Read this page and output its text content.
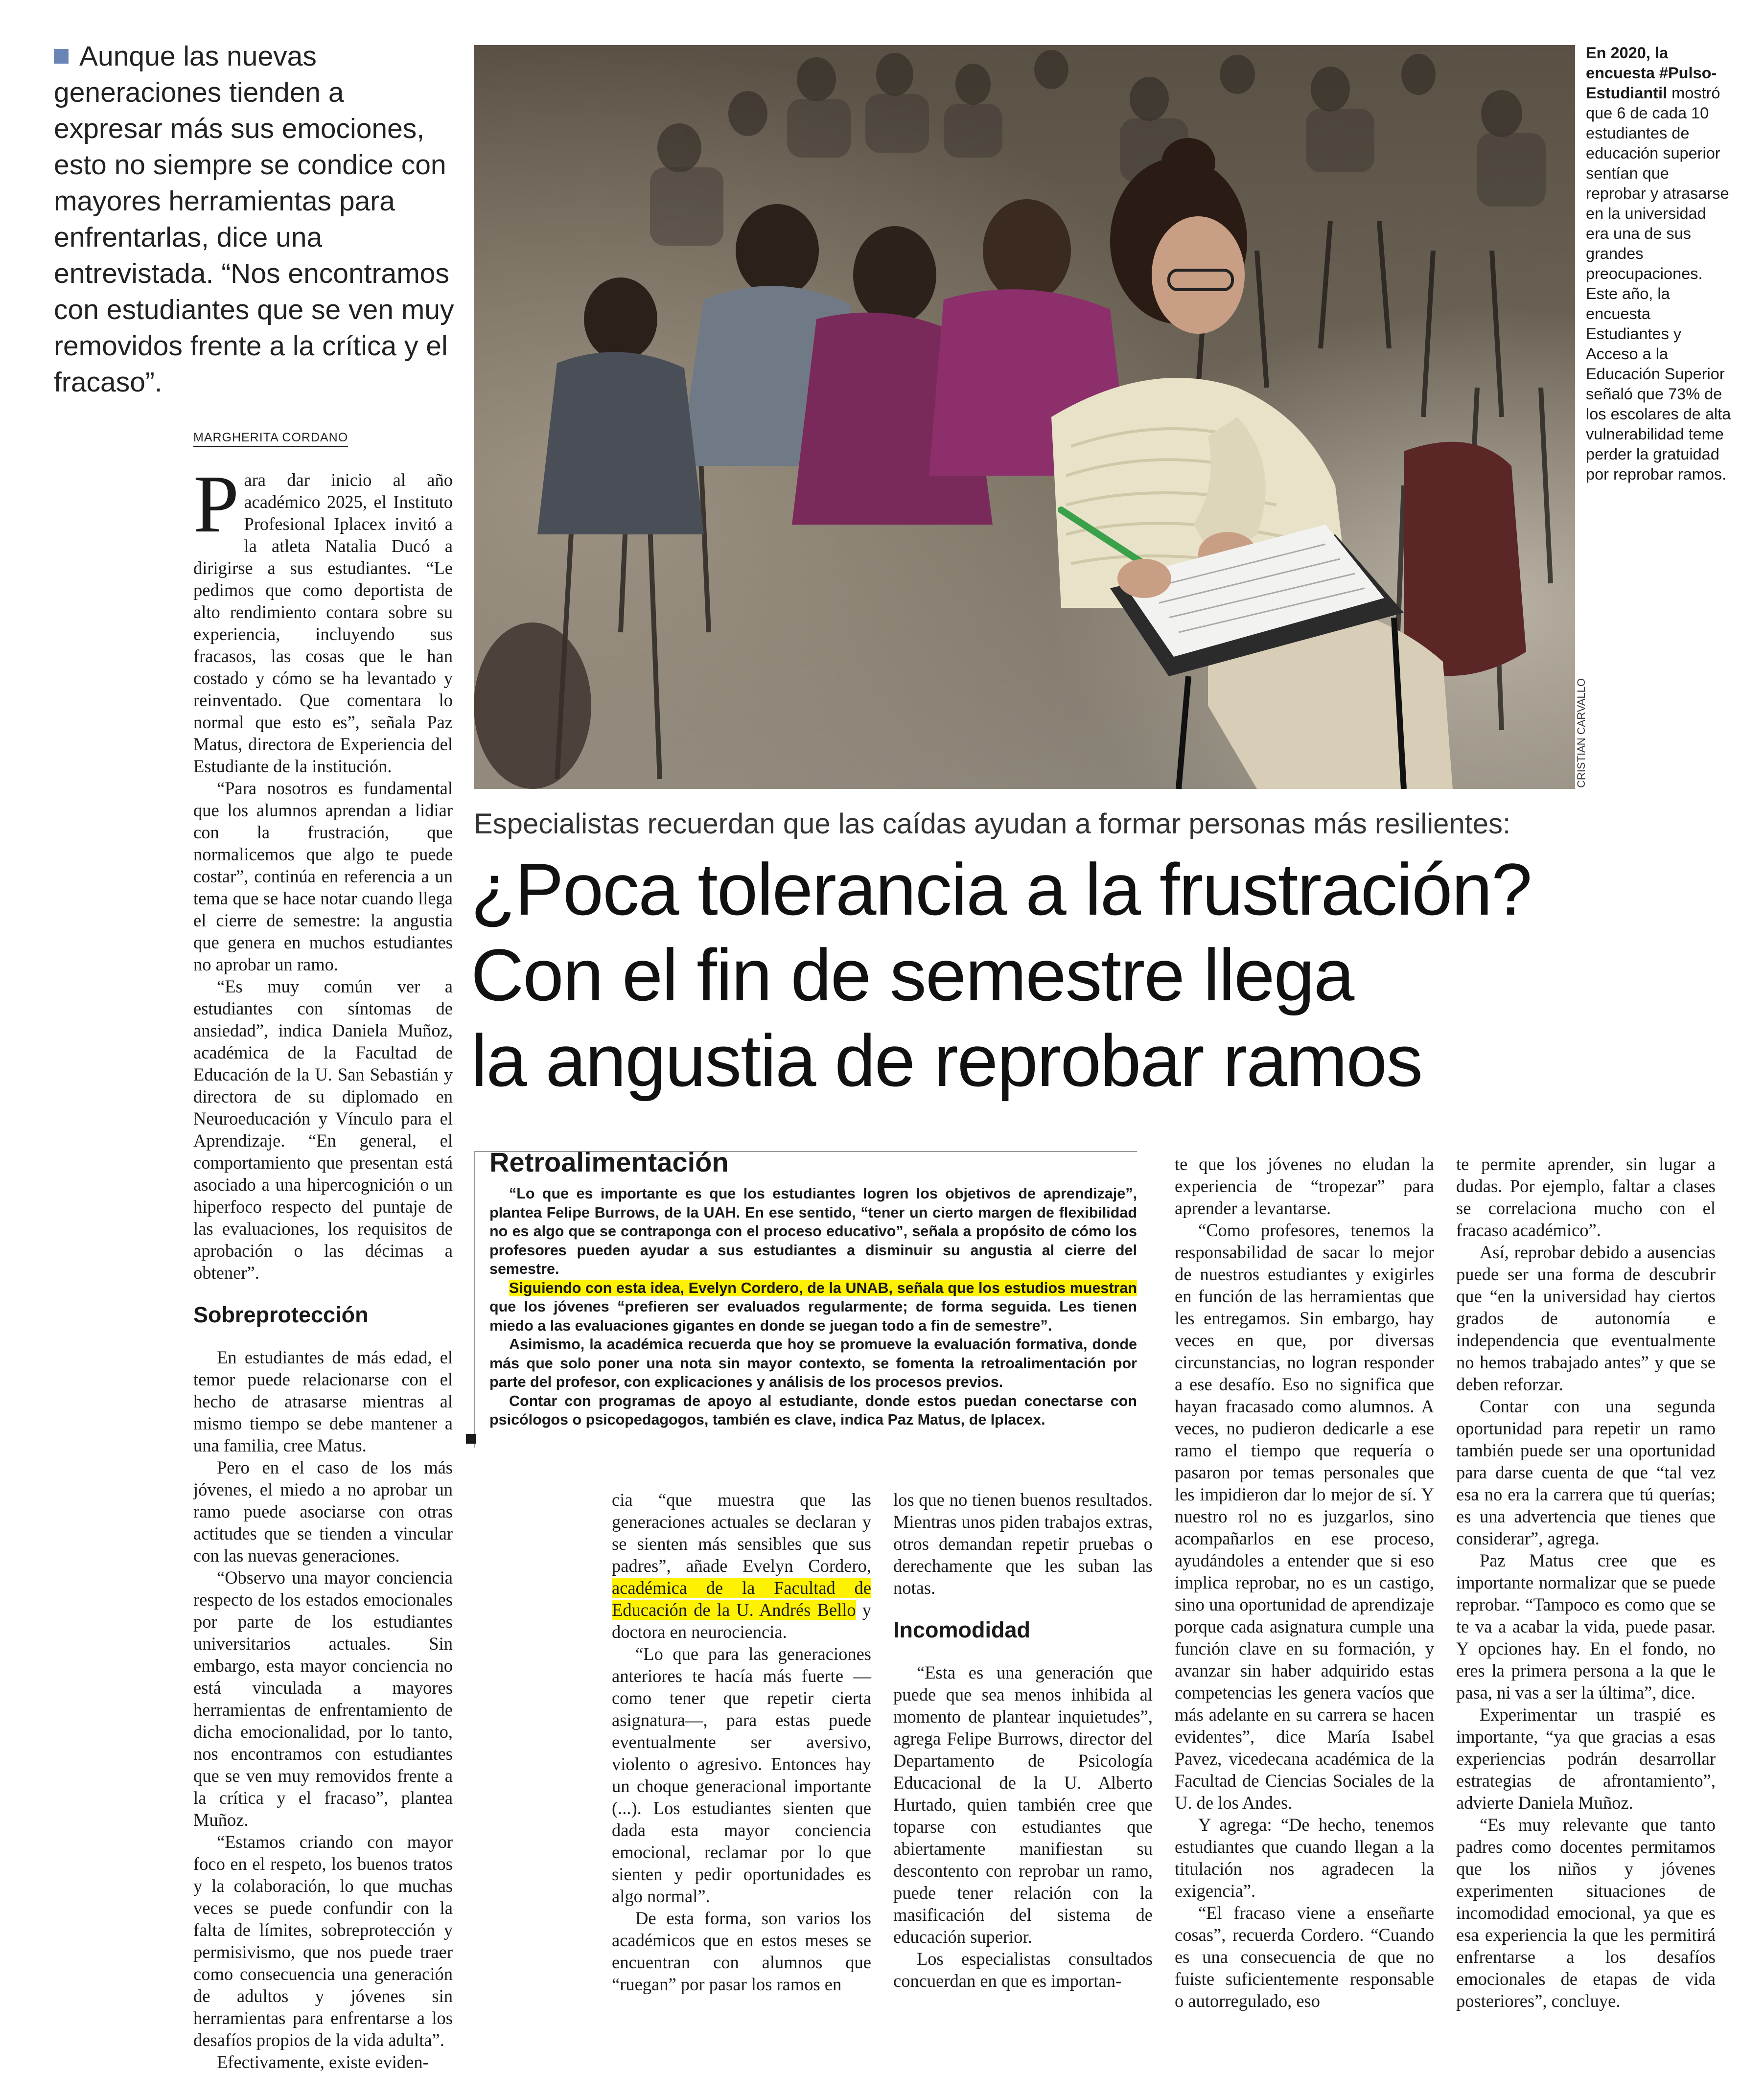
Aunque las nuevas generaciones tienden a expresar más sus emociones, esto no siempre se condice con mayores herramientas para enfrentarlas, dice una entrevistada. “Nos encontramos con estudiantes que se ven muy removidos frente a la crítica y el fracaso”.
MARGHERITA CORDANO
CRISTIAN CARVALLO
En 2020, la encuesta #Pulso-Estudiantil mostró que 6 de cada 10 estudiantes de educación superior sentían que reprobar y atrasarse en la universidad era una de sus grandes preocupaciones. Este año, la encuesta Estudiantes y Acceso a la Educación Superior señaló que 73% de los escolares de alta vulnerabilidad teme perder la gratuidad por reprobar ramos.
Especialistas recuerdan que las caídas ayudan a formar personas más resilientes:
¿Poca tolerancia a la frustración?
Con el fin de semestre llega
la angustia de reprobar ramos

Para dar inicio al año académico 2025, el Instituto Profesional Iplacex invitó a la atleta Natalia Ducó a dirigirse a sus estudiantes. “Le pedimos que como deportista de alto rendimiento contara sobre su experiencia, incluyendo sus fracasos, las cosas que le han costado y cómo se ha levantado y reinventado. Que comentara lo normal que esto es”, señala Paz Matus, directora de Experiencia del Estudiante de la institución.

“Para nosotros es fundamental que los alumnos aprendan a lidiar con la frustración, que normalicemos que algo te puede costar”, continúa en referencia a un tema que se hace notar cuando llega el cierre de semestre: la angustia que genera en muchos estudiantes no aprobar un ramo.

“Es muy común ver a estudiantes con síntomas de ansiedad”, indica Daniela Muñoz, académica de la Facultad de Educación de la U. San Sebastián y directora de su diplomado en Neuroeducación y Vínculo para el Aprendizaje. “En general, el comportamiento que presentan está asociado a una hipercognición o un hiperfoco respecto del puntaje de las evaluaciones, los requisitos de aprobación o las décimas a obtener”.

Sobreprotección

En estudiantes de más edad, el temor puede relacionarse con el hecho de atrasarse mientras al mismo tiempo se debe mantener a una familia, cree Matus.

Pero en el caso de los más jóvenes, el miedo a no aprobar un ramo puede asociarse con otras actitudes que se tienden a vincular con las nuevas generaciones.

“Observo una mayor conciencia respecto de los estados emocionales por parte de los estudiantes universitarios actuales. Sin embargo, esta mayor conciencia no está vinculada a mayores herramientas de enfrentamiento de dicha emocionalidad, por lo tanto, nos encontramos con estudiantes que se ven muy removidos frente a la crítica y el fracaso”, plantea Muñoz.

“Estamos criando con mayor foco en el respeto, los buenos tratos y la colaboración, lo que muchas veces se puede confundir con la falta de límites, sobreprotección y permisivismo, que nos puede traer como consecuencia una generación de adultos y jóvenes sin herramientas para enfrentarse a los desafíos propios de la vida adulta”.

Efectivamente, existe eviden-

Retroalimentación

“Lo que es importante es que los estudiantes logren los objetivos de aprendizaje”, plantea Felipe Burrows, de la UAH. En ese sentido, “tener un cierto margen de flexibilidad no es algo que se contraponga con el proceso educativo”, señala a propósito de cómo los profesores pueden ayudar a sus estudiantes a disminuir su angustia al cierre del semestre.

Siguiendo con esta idea, Evelyn Cordero, de la UNAB, señala que los estudios muestran que los jóvenes “prefieren ser evaluados regularmente; de forma seguida. Les tienen miedo a las evaluaciones gigantes en donde se juegan todo a fin de semestre”.

Asimismo, la académica recuerda que hoy se promueve la evaluación formativa, donde más que solo poner una nota sin mayor contexto, se fomenta la retroalimentación por parte del profesor, con explicaciones y análisis de los procesos previos.

Contar con programas de apoyo al estudiante, donde estos puedan conectarse con psicólogos o psicopedagogos, también es clave, indica Paz Matus, de Iplacex.

cia “que muestra que las generaciones actuales se declaran y se sienten más sensibles que sus padres”, añade Evelyn Cordero, académica de la Facultad de Educación de la U. Andrés Bello y doctora en neurociencia.

“Lo que para las generaciones anteriores te hacía más fuerte —como tener que repetir cierta asignatura—, para estas puede eventualmente ser aversivo, violento o agresivo. Entonces hay un choque generacional importante (...). Los estudiantes sienten que dada esta mayor conciencia emocional, reclamar por lo que sienten y pedir oportunidades es algo normal”.

De esta forma, son varios los académicos que en estos meses se encuentran con alumnos que “ruegan” por pasar los ramos en

los que no tienen buenos resultados. Mientras unos piden trabajos extras, otros demandan repetir pruebas o derechamente que les suban las notas.

Incomodidad

“Esta es una generación que puede que sea menos inhibida al momento de plantear inquietudes”, agrega Felipe Burrows, director del Departamento de Psicología Educacional de la U. Alberto Hurtado, quien también cree que toparse con estudiantes que abiertamente manifiestan su descontento con reprobar un ramo, puede tener relación con la masificación del sistema de educación superior.

Los especialistas consultados concuerdan en que es importan-

te que los jóvenes no eludan la experiencia de “tropezar” para aprender a levantarse.

“Como profesores, tenemos la responsabilidad de sacar lo mejor de nuestros estudiantes y exigirles en función de las herramientas que les entregamos. Sin embargo, hay veces en que, por diversas circunstancias, no logran responder a ese desafío. Eso no significa que hayan fracasado como alumnos. A veces, no pudieron dedicarle a ese ramo el tiempo que requería o pasaron por temas personales que les impidieron dar lo mejor de sí. Y nuestro rol no es juzgarlos, sino acompañarlos en ese proceso, ayudándoles a entender que si eso implica reprobar, no es un castigo, sino una oportunidad de aprendizaje porque cada asignatura cumple una función clave en su formación, y avanzar sin haber adquirido estas competencias les genera vacíos que más adelante en su carrera se hacen evidentes”, dice María Isabel Pavez, vicedecana académica de la Facultad de Ciencias Sociales de la U. de los Andes.

Y agrega: “De hecho, tenemos estudiantes que cuando llegan a la titulación nos agradecen la exigencia”.

“El fracaso viene a enseñarte cosas”, recuerda Cordero. “Cuando es una consecuencia de que no fuiste suficientemente responsable o autorregulado, eso

te permite aprender, sin lugar a dudas. Por ejemplo, faltar a clases se correlaciona mucho con el fracaso académico”.

Así, reprobar debido a ausencias puede ser una forma de descubrir que “en la universidad hay ciertos grados de autonomía e independencia que eventualmente no hemos trabajado antes” y que se deben reforzar.

Contar con una segunda oportunidad para repetir un ramo también puede ser una oportunidad para darse cuenta de que “tal vez esa no era la carrera que tú querías; es una advertencia que tienes que considerar”, agrega.

Paz Matus cree que es importante normalizar que se puede reprobar. “Tampoco es como que se te va a acabar la vida, puede pasar. Y opciones hay. En el fondo, no eres la primera persona a la que le pasa, ni vas a ser la última”, dice.

Experimentar un traspié es importante, “ya que gracias a esas experiencias podrán desarrollar estrategias de afrontamiento”, advierte Daniela Muñoz.

“Es muy relevante que tanto padres como docentes permitamos que los niños y jóvenes experimenten situaciones de incomodidad emocional, ya que es esa experiencia la que les permitirá enfrentarse a los desafíos emocionales de etapas de vida posteriores”, concluye.
